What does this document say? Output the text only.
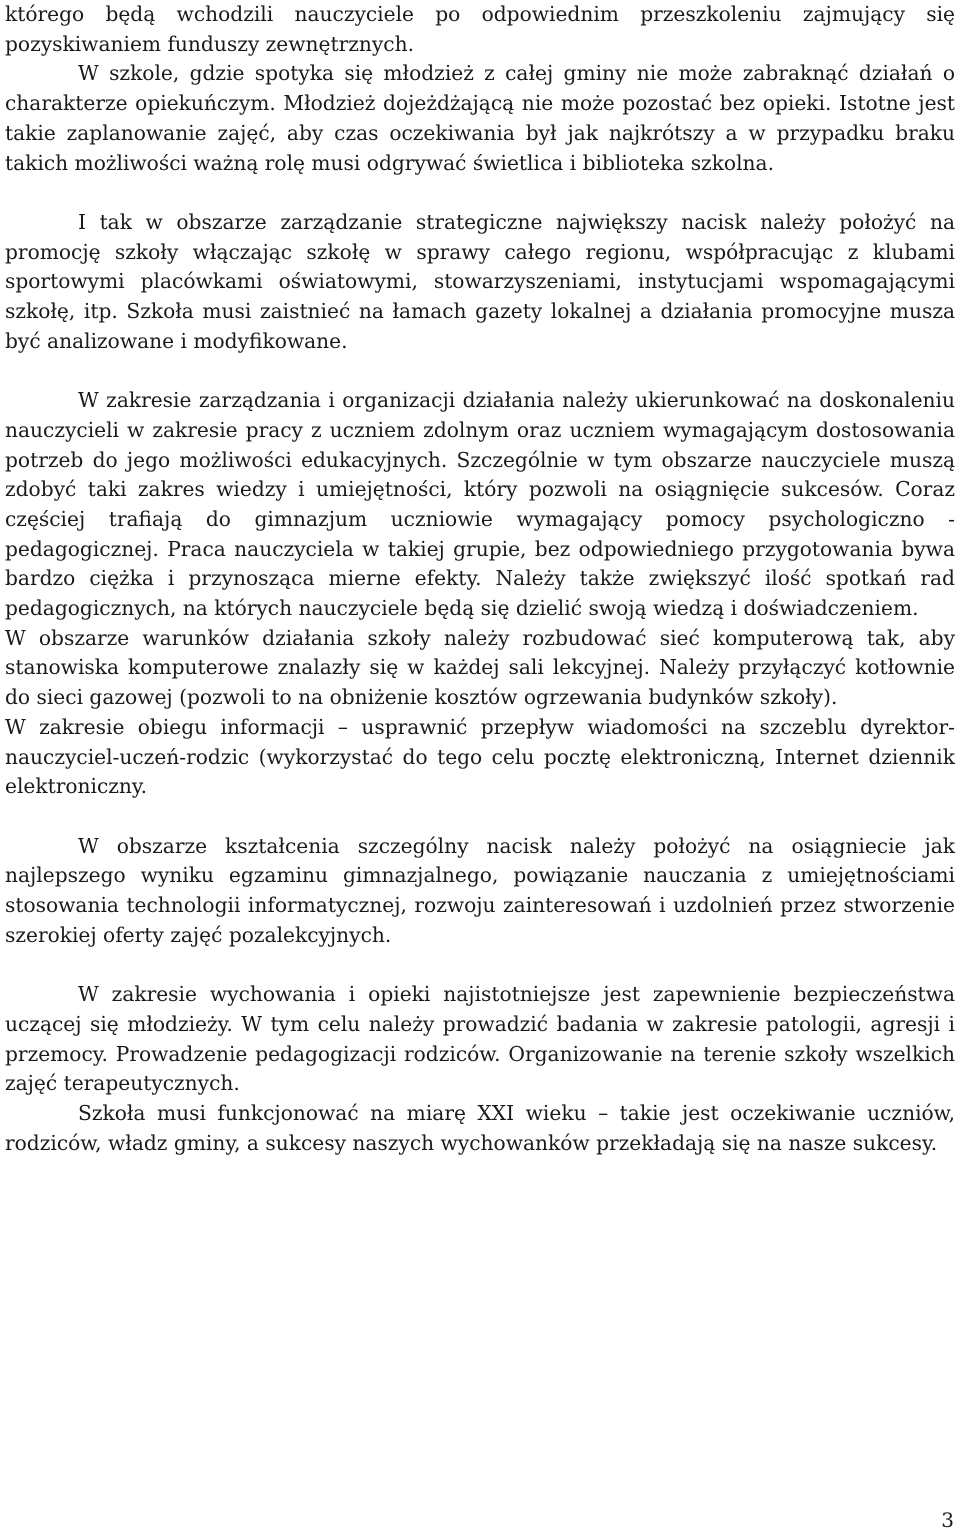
którego będą wchodzili nauczyciele po odpowiednim przeszkoleniu zajmujący się pozyskiwaniem funduszy zewnętrznych.

W szkole, gdzie spotyka się młodzież z całej gminy nie może zabraknąć działań o charakterze opiekuńczym. Młodzież dojeżdżającą nie może pozostać bez opieki. Istotne jest takie zaplanowanie zajęć, aby czas oczekiwania był jak najkrótszy a w przypadku braku takich możliwości ważną rolę musi odgrywać świetlica i biblioteka szkolna.

I tak w obszarze zarządzanie strategiczne największy nacisk należy położyć na promocję szkoły włączając szkołę w sprawy całego regionu, współpracując z klubami sportowymi placówkami oświatowymi, stowarzyszeniami, instytucjami wspomagającymi szkołę, itp. Szkoła musi zaistnieć na łamach gazety lokalnej a działania promocyjne musza być analizowane i modyfikowane.

W zakresie zarządzania i organizacji działania należy ukierunkować na doskonaleniu nauczycieli w zakresie pracy z uczniem zdolnym oraz uczniem wymagającym dostosowania potrzeb do jego możliwości edukacyjnych. Szczególnie w tym obszarze nauczyciele muszą zdobyć taki zakres wiedzy i umiejętności, który pozwoli na osiągnięcie sukcesów. Coraz częściej trafiają do gimnazjum uczniowie wymagający pomocy psychologiczno - pedagogicznej. Praca nauczyciela w takiej grupie, bez odpowiedniego przygotowania bywa bardzo ciężka i przynosząca mierne efekty. Należy także zwiększyć ilość spotkań rad pedagogicznych, na których nauczyciele będą się dzielić swoją wiedzą i doświadczeniem.

W obszarze warunków działania szkoły należy rozbudować sieć komputerową tak, aby stanowiska komputerowe znalazły się w każdej sali lekcyjnej. Należy przyłączyć kotłownie do sieci gazowej (pozwoli to na obniżenie kosztów ogrzewania budynków szkoły).

W zakresie obiegu informacji – usprawnić przepływ wiadomości na szczeblu dyrektor-nauczyciel-uczeń-rodzic (wykorzystać do tego celu pocztę elektroniczną, Internet dziennik elektroniczny.

W obszarze kształcenia szczególny nacisk należy położyć na osiągniecie jak najlepszego wyniku egzaminu gimnazjalnego, powiązanie nauczania z umiejętnościami stosowania technologii informatycznej, rozwoju zainteresowań i uzdolnień przez stworzenie szerokiej oferty zajęć pozalekcyjnych.

W zakresie wychowania i opieki najistotniejsze jest zapewnienie bezpieczeństwa uczącej się młodzieży. W tym celu należy prowadzić badania w zakresie patologii, agresji i przemocy. Prowadzenie pedagogizacji rodziców. Organizowanie na terenie szkoły wszelkich zajęć terapeutycznych.

Szkoła musi funkcjonować na miarę XXI wieku – takie jest oczekiwanie uczniów, rodziców, władz gminy, a sukcesy naszych wychowanków przekładają się na nasze sukcesy.

3
